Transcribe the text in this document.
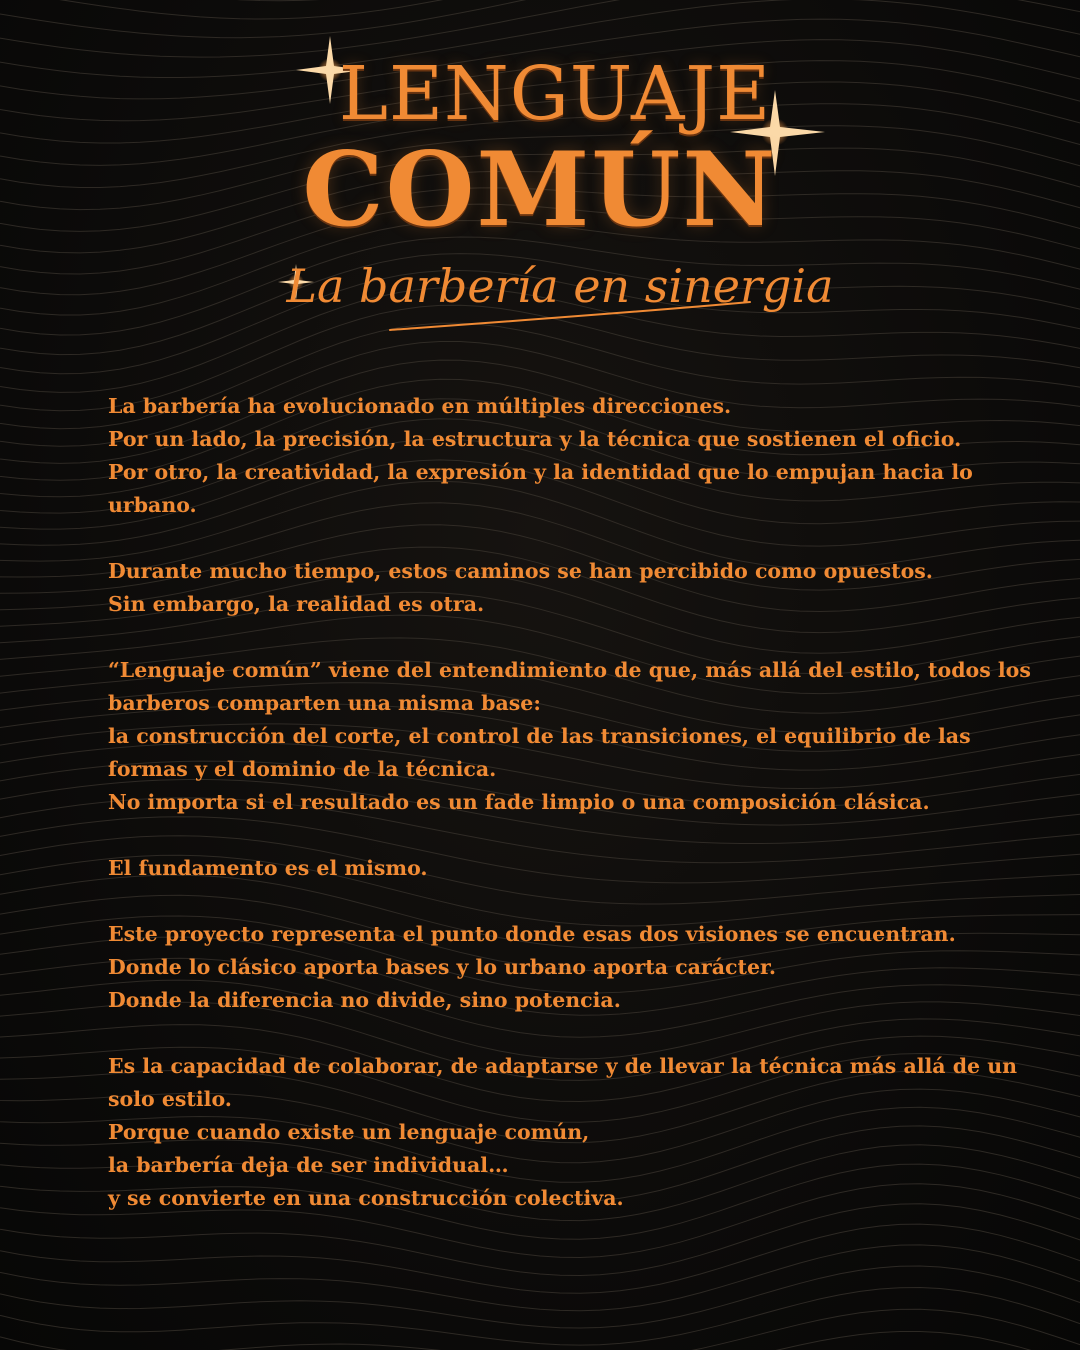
LENGUAJE
COMÚN
La barbería en sinergia
La barbería ha evolucionado en múltiples direcciones.
Por un lado, la precisión, la estructura y la técnica que sostienen el oficio.
Por otro, la creatividad, la expresión y la identidad que lo empujan hacia lo
urbano.
Durante mucho tiempo, estos caminos se han percibido como opuestos.
Sin embargo, la realidad es otra.
“Lenguaje común” viene del entendimiento de que, más allá del estilo, todos los
barberos comparten una misma base:
la construcción del corte, el control de las transiciones, el equilibrio de las
formas y el dominio de la técnica.
No importa si el resultado es un fade limpio o una composición clásica.
El fundamento es el mismo.
Este proyecto representa el punto donde esas dos visiones se encuentran.
Donde lo clásico aporta bases y lo urbano aporta carácter.
Donde la diferencia no divide, sino potencia.
Es la capacidad de colaborar, de adaptarse y de llevar la técnica más allá de un
solo estilo.
Porque cuando existe un lenguaje común,
la barbería deja de ser individual…
y se convierte en una construcción colectiva.
